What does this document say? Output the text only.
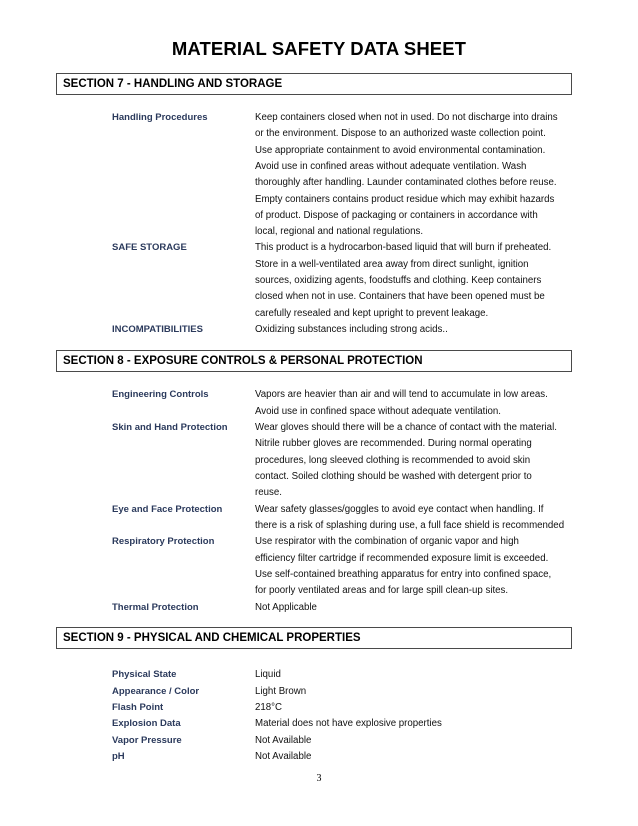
MATERIAL SAFETY DATA SHEET
SECTION 7 - HANDLING AND STORAGE
Handling Procedures	Keep containers closed when not in used. Do not discharge into drains
or the environment. Dispose to an authorized waste collection point.
Use appropriate containment to avoid environmental contamination.
Avoid use in confined areas without adequate ventilation. Wash
thoroughly after handling. Launder contaminated clothes before reuse.
Empty containers contains product residue which may exhibit hazards
of product. Dispose of packaging or containers in accordance with
local, regional and national regulations.
SAFE STORAGE	This product is a hydrocarbon-based liquid that will burn if preheated.
Store in a well-ventilated area away from direct sunlight, ignition
sources, oxidizing agents, foodstuffs and clothing. Keep containers
closed when not in use. Containers that have been opened must be
carefully resealed and kept upright to prevent leakage.
INCOMPATIBILITIES	Oxidizing substances including strong acids..
SECTION 8 - EXPOSURE CONTROLS & PERSONAL PROTECTION
Engineering Controls	Vapors are heavier than air and will tend to accumulate in low areas.
Avoid use in confined space without adequate ventilation.
Skin and Hand Protection	Wear gloves should there will be a chance of contact with the material.
Nitrile rubber gloves are recommended. During normal operating
procedures, long sleeved clothing is recommended to avoid skin
contact. Soiled clothing should be washed with detergent prior to
reuse.
Eye and Face Protection	Wear safety glasses/goggles to avoid eye contact when handling. If
there is a risk of splashing during use, a full face shield is recommended
Respiratory Protection	Use respirator with the combination of organic vapor and high
efficiency filter cartridge if recommended exposure limit is exceeded.
Use self-contained breathing apparatus for entry into confined space,
for poorly ventilated areas and for large spill clean-up sites.
Thermal Protection	Not Applicable
SECTION 9 - PHYSICAL AND CHEMICAL PROPERTIES
Physical State	Liquid
Appearance / Color	Light Brown
Flash Point	218°C
Explosion Data	Material does not have explosive properties
Vapor Pressure	Not Available
pH	Not Available
3
